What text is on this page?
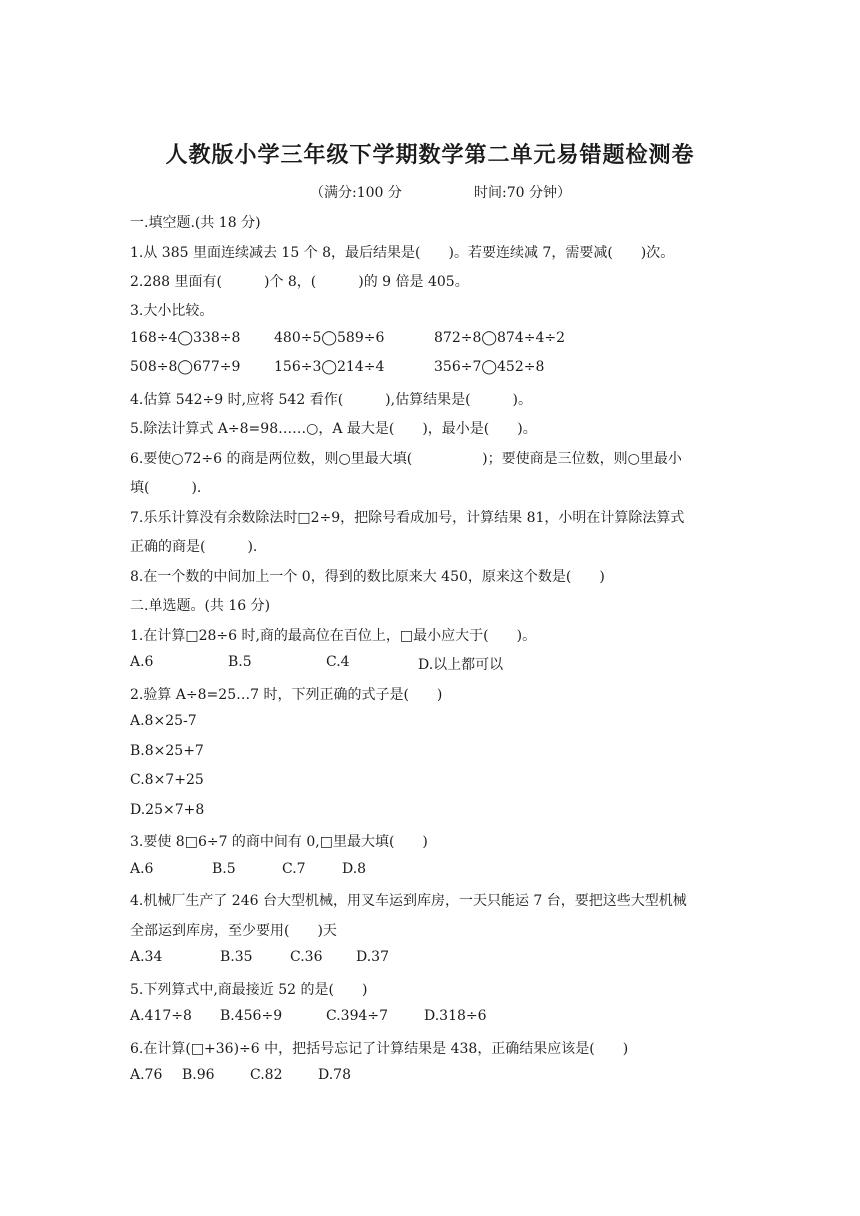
人教版小学三年级下学期数学第二单元易错题检测卷
（满分:100 分	时间:70 分钟）
一.填空题.(共 18 分)
1.从 385 里面连续减去 15 个 8，最后结果是(　　)。若要连续减 7，需要减(　　)次。
2.288 里面有(　　　)个 8，(　　　)的 9 倍是 405。
3.大小比较。
168÷4◯338÷8 480÷5◯589÷6	872÷8◯874÷4÷2
508÷8◯677÷9 156÷3◯214÷4	356÷7◯452÷8
4.估算 542÷9 时,应将 542 看作(　　　),估算结果是(　　　)。
5.除法计算式 A÷8=98……○，A 最大是(　　)，最小是(　　)。
6.要使○72÷6 的商是两位数，则○里最大填(　　　　　)；要使商是三位数，则○里最小
填(　　　).
7.乐乐计算没有余数除法时□2÷9，把除号看成加号，计算结果 81，小明在计算除法算式
正确的商是(　　　).
8.在一个数的中间加上一个 0，得到的数比原来大 450，原来这个数是(　　)
二.单选题。(共 16 分)
1.在计算□28÷6 时,商的最高位在百位上，□最小应大于(　　)。
A.6	B.5	C.4	D.以上都可以
2.验算 A÷8=25…7 时，下列正确的式子是(　　)
A.8×25-7
B.8×25+7
C.8×7+25
D.25×7+8
3.要使 8□6÷7 的商中间有 0,□里最大填(　　)
A.6	B.5	C.7	D.8
4.机械厂生产了 246 台大型机械，用叉车运到库房，一天只能运 7 台，要把这些大型机械
全部运到库房，至少要用(　　)天
A.34	B.35	C.36 D.37
5.下列算式中,商最接近 52 的是(　　)
A.417÷8 B.456÷9	C.394÷7	D.318÷6
6.在计算(□+36)÷6 中，把括号忘记了计算结果是 438，正确结果应该是(　　)
A.76 B.96	C.82	D.78
